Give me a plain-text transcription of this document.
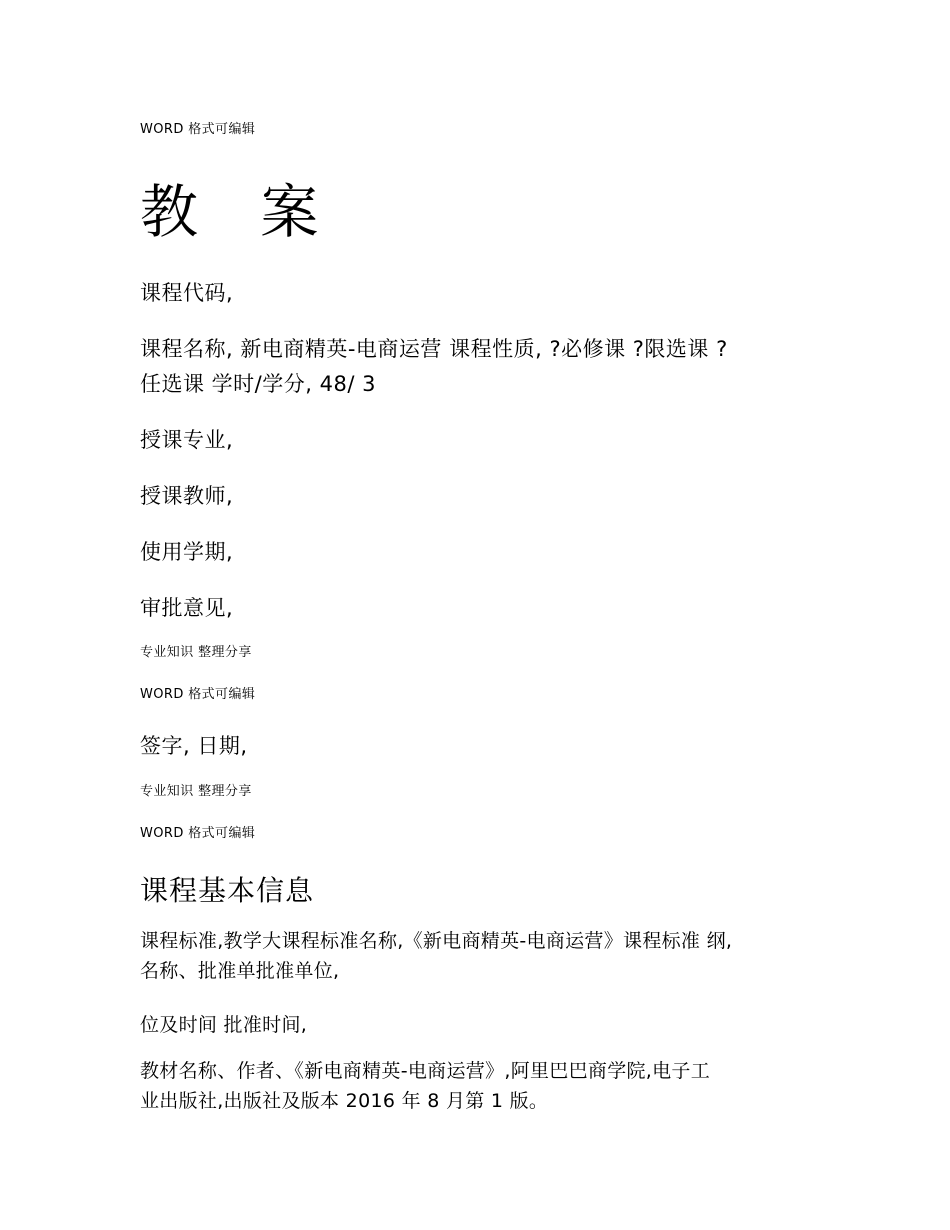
WORD 格式可编辑
教 案
课程代码,
课程名称, 新电商精英-电商运营 课程性质, ?必修课 ?限选课 ?
任选课 学时/学分, 48/ 3
授课专业,
授课教师,
使用学期,
审批意见,
专业知识 整理分享
WORD 格式可编辑
签字, 日期,
专业知识 整理分享
WORD 格式可编辑
课程基本信息
课程标准,教学大课程标准名称,《新电商精英-电商运营》课程标准 纲,
名称、批准单批准单位,
位及时间 批准时间,
教材名称、作者、《新电商精英-电商运营》,阿里巴巴商学院,电子工
业出版社,出版社及版本 2016 年 8 月第 1 版。
